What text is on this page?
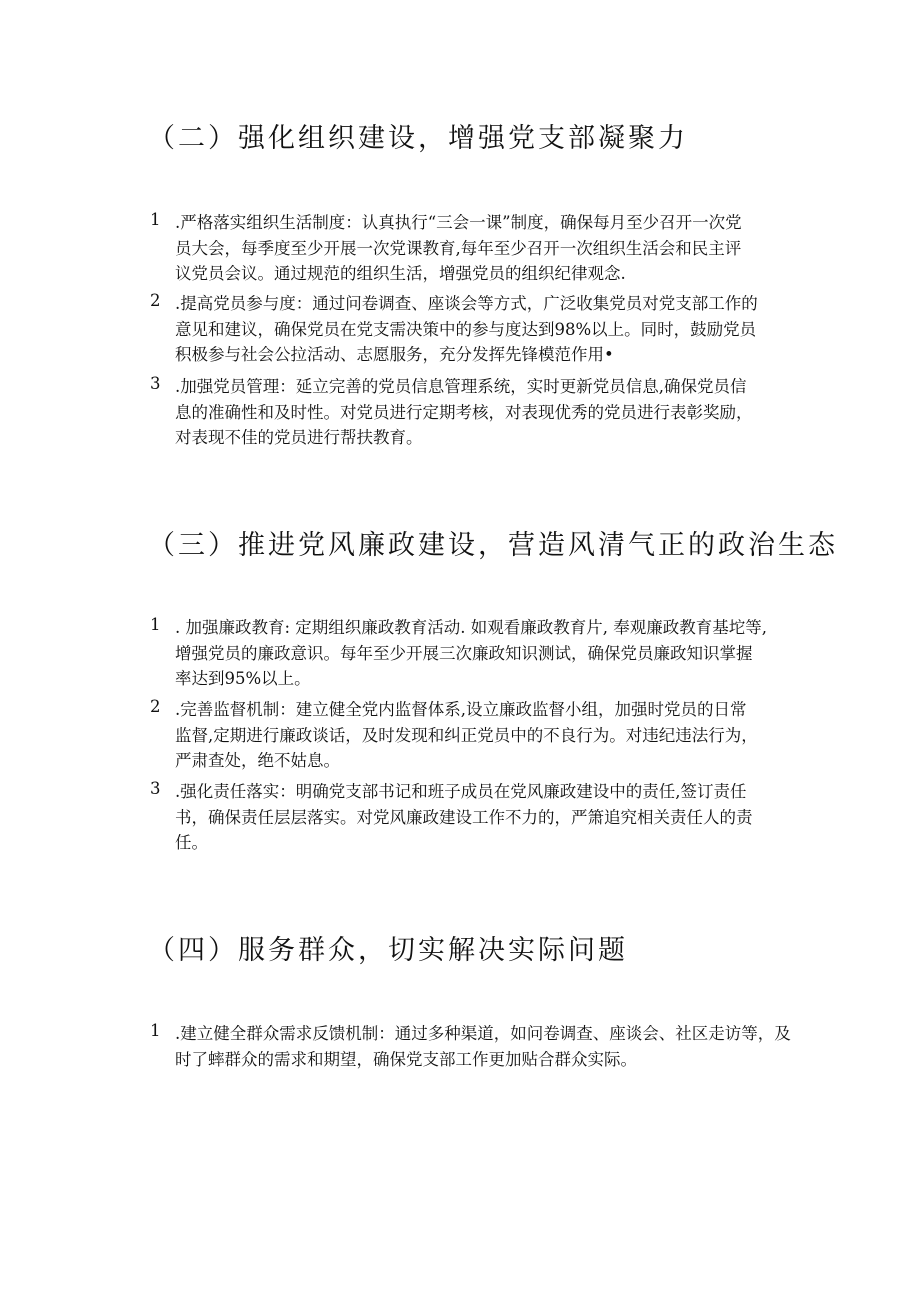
（二）强化组织建设，增强党支部凝聚力
1 .严格落实组织生活制度：认真执行“三会一课”制度，确保每月至少召开一次党
员大会，每季度至少开展一次党课教育,每年至少召开一次组织生活会和民主评
议党员会议。通过规范的组织生活，增强党员的组织纪律观念.
2 .提高党员参与度：通过问卷调查、座谈会等方式，广泛收集党员对党支部工作的
意见和建议，确保党员在党支需决策中的参与度达到98%以上。同时，鼓励党员
积极参与社会公拉活动、志愿服务，充分发挥先锋模范作用•
3 .加强党员管理：延立完善的党员信息管理系统，实时更新党员信息,确保党员信
息的准确性和及时性。对党员进行定期考核，对表现优秀的党员进行表彰奖励，
对表现不佳的党员进行帮扶教育。
（三）推进党风廉政建设，营造风清气正的政治生态
1 . 加强廉政教育: 定期组织廉政教育活动. 如观看廉政教育片, 奉观廉政教育基坨等,
增强党员的廉政意识。每年至少开展三次廉政知识测试，确保党员廉政知识掌握
率达到95%以上。
2 .完善监督机制：建立健全党内监督体系,设立廉政监督小组，加强时党员的日常
监督,定期进行廉政谈话，及时发现和纠正党员中的不良行为。对违纪违法行为，
严肃查处，绝不姑息。
3 .强化责任落实：明确党支部书记和班子成员在党风廉政建设中的责任,签订责任
书，确保责任层层落实。对党风廉政建设工作不力的，严箫追究相关责任人的责
任。
（四）服务群众，切实解决实际问题
1 .建立健全群众需求反馈机制：通过多种渠道，如问卷调查、座谈会、社区走访等，及
时了蟀群众的需求和期望，确保党支部工作更加贴合群众实际。
